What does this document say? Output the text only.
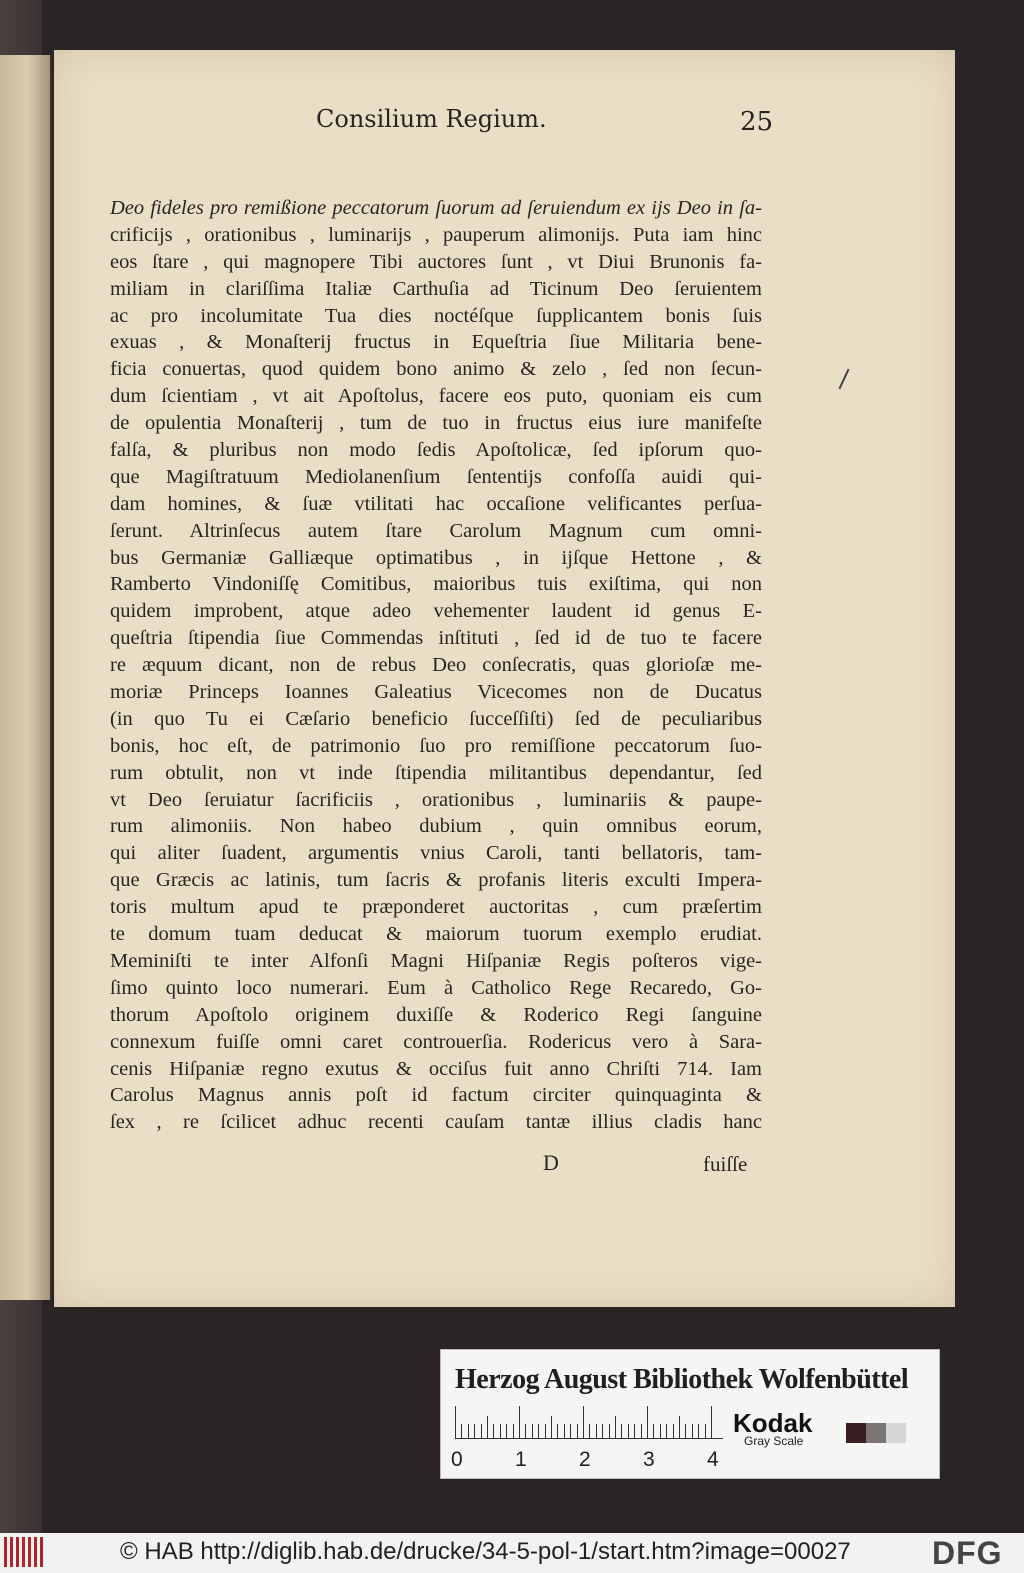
Consilium Regium.	25
Deo fideles pro remißione peccatorum ſuorum ad ſeruiendum ex ijs Deo in ſa-
crificijs , orationibus , luminarijs , pauperum alimonijs. Puta iam hinc
eos ſtare , qui magnopere Tibi auctores ſunt , vt Diui Brunonis fa-
miliam in clariſſima Italiæ Carthuſia ad Ticinum Deo ſeruientem
ac pro incolumitate Tua dies noctéſque ſupplicantem bonis ſuis
exuas , & Monaſterij fructus in Equeſtria ſiue Militaria bene-
ficia conuertas, quod quidem bono animo & zelo , ſed non ſecun-
dum ſcientiam , vt ait Apoſtolus, facere eos puto, quoniam eis cum
de opulentia Monaſterij , tum de tuo in fructus eius iure manifeſte
falſa, & pluribus non modo ſedis Apoſtolicæ, ſed ipſorum quo-
que Magiſtratuum Mediolanenſium ſententijs confoſſa auidi qui-
dam homines, & ſuæ vtilitati hac occaſione velificantes perſua-
ſerunt. Altrinſecus autem ſtare Carolum Magnum cum omni-
bus Germaniæ Galliæque optimatibus , in ijſque Hettone , &
Ramberto Vindoniſſę Comitibus, maioribus tuis exiſtima, qui non
quidem improbent, atque adeo vehementer laudent id genus E-
queſtria ſtipendia ſiue Commendas inſtituti , ſed id de tuo te facere
re æquum dicant, non de rebus Deo conſecratis, quas glorioſæ me-
moriæ Princeps Ioannes Galeatius Vicecomes non de Ducatus
(in quo Tu ei Cæſario beneficio ſucceſſiſti) ſed de peculiaribus
bonis, hoc eſt, de patrimonio ſuo pro remiſſione peccatorum ſuo-
rum obtulit, non vt inde ſtipendia militantibus dependantur, ſed
vt Deo ſeruiatur ſacrificiis , orationibus , luminariis & paupe-
rum alimoniis. Non habeo dubium , quin omnibus eorum,
qui aliter ſuadent, argumentis vnius Caroli, tanti bellatoris, tam-
que Græcis ac latinis, tum ſacris & profanis literis exculti Impera-
toris multum apud te præponderet auctoritas , cum præſertim
te domum tuam deducat & maiorum tuorum exemplo erudiat.
Meminiſti te inter Alfonſi Magni Hiſpaniæ Regis poſteros vige-
ſimo quinto loco numerari. Eum à Catholico Rege Recaredo, Go-
thorum Apoſtolo originem duxiſſe & Roderico Regi ſanguine
connexum fuiſſe omni caret controuerſia. Rodericus vero à Sara-
cenis Hiſpaniæ regno exutus & occiſus fuit anno Chriſti 714. Iam
Carolus Magnus annis poſt id factum circiter quinquaginta &
ſex , re ſcilicet adhuc recenti cauſam tantæ illius cladis hanc
D	fuiſſe
Herzog August Bibliothek Wolfenbüttel
0 1 2 3 4
Kodak
Gray Scale
© HAB http://diglib.hab.de/drucke/34-5-pol-1/start.htm?image=00027	DFG
